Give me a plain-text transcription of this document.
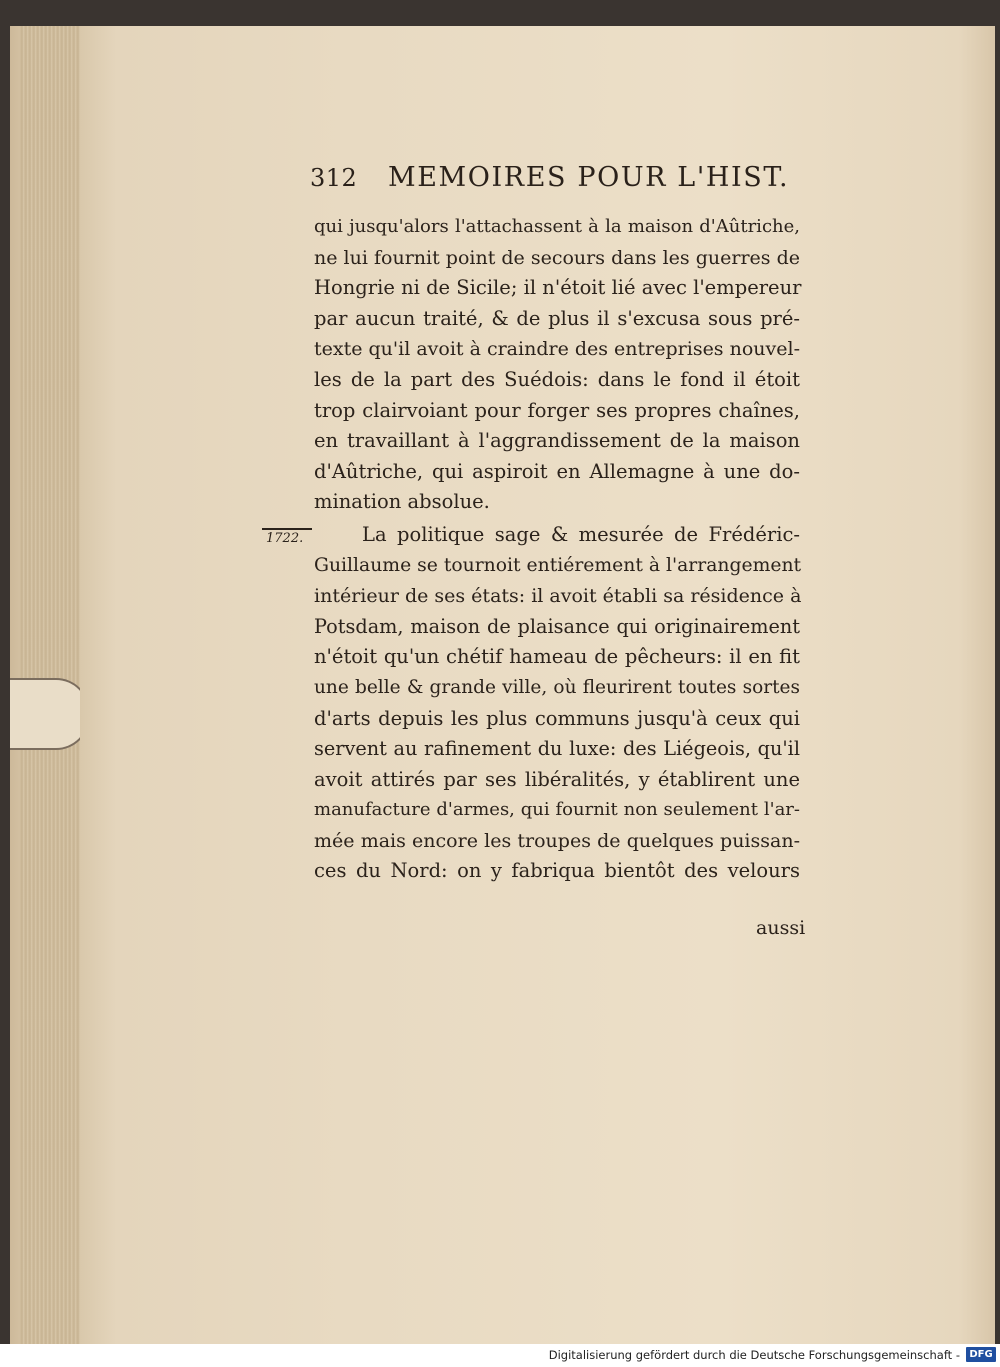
312 MEMOIRES POUR L'HIST.
1722.
qui jusqu'alors l'attachassent à la maison d'Aûtriche,
ne lui fournit point de secours dans les guerres de
Hongrie ni de Sicile; il n'étoit lié avec l'empereur
par aucun traité, & de plus il s'excusa sous pré-
texte qu'il avoit à craindre des entreprises nouvel-
les de la part des Suédois: dans le fond il étoit
trop clairvoiant pour forger ses propres chaînes,
en travaillant à l'aggrandissement de la maison
d'Aûtriche, qui aspiroit en Allemagne à une do-
mination absolue.
La politique sage & mesurée de Frédéric-
Guillaume se tournoit entiérement à l'arrangement
intérieur de ses états: il avoit établi sa résidence à
Potsdam, maison de plaisance qui originairement
n'étoit qu'un chétif hameau de pêcheurs: il en fit
une belle & grande ville, où fleurirent toutes sortes
d'arts depuis les plus communs jusqu'à ceux qui
servent au rafinement du luxe: des Liégeois, qu'il
avoit attirés par ses libéralités, y établirent une
manufacture d'armes, qui fournit non seulement l'ar-
mée mais encore les troupes de quelques puissan-
ces du Nord: on y fabriqua bientôt des velours
aussi
Digitalisierung gefördert durch die Deutsche Forschungsgemeinschaft - DFG
